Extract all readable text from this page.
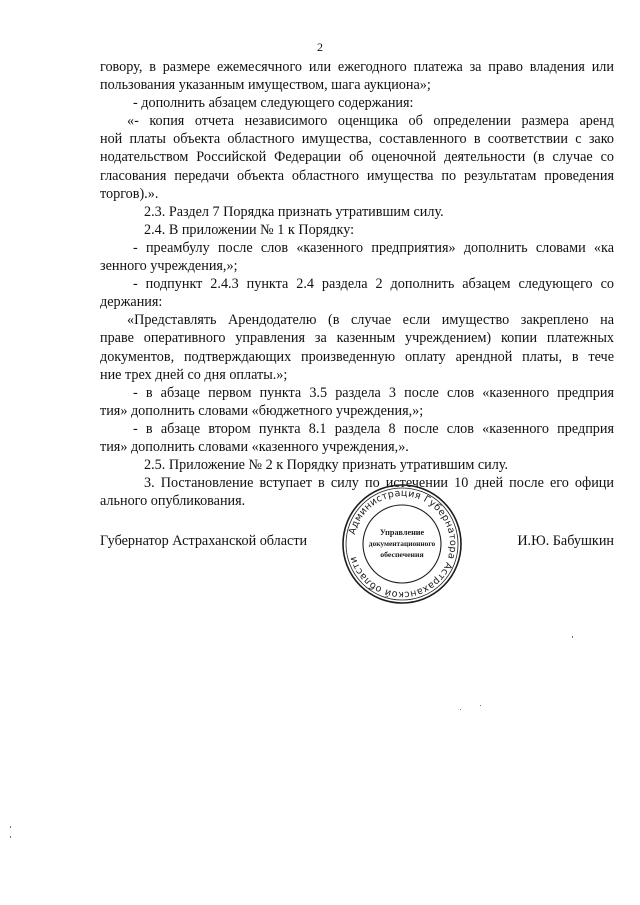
2
говору, в размере ежемесячного или ежегодного платежа за право владения или
пользования указанным имуществом, шага аукциона»;
- дополнить абзацем следующего содержания:
«- копия отчета независимого оценщика об определении размера аренд
ной платы объекта областного имущества, составленного в соответствии с зако
нодательством Российской Федерации об оценочной деятельности (в случае со
гласования передачи объекта областного имущества по результатам проведения
торгов).».
2.3. Раздел 7 Порядка признать утратившим силу.
2.4. В приложении № 1 к Порядку:
- преамбулу после слов «казенного предприятия» дополнить словами «ка
зенного учреждения,»;
- подпункт 2.4.3 пункта 2.4 раздела 2 дополнить абзацем следующего со
держания:
«Представлять Арендодателю (в случае если имущество закреплено на
праве оперативного управления за казенным учреждением) копии платежных
документов, подтверждающих произведенную оплату арендной платы, в тече
ние трех дней со дня оплаты.»;
- в абзаце первом пункта 3.5 раздела 3 после слов «казенного предприя
тия» дополнить словами «бюджетного учреждения,»;
- в абзаце втором пункта 8.1 раздела 8 после слов «казенного предприя
тия» дополнить словами «казенного учреждения,».
2.5. Приложение № 2 к Порядку признать утратившим силу.
3. Постановление вступает в силу по истечении 10 дней после его офици
ального опубликования.
Губернатор Астраханской области	И.Ю. Бабушкин
Администрация Губернатора Астраханской области
Управление
документационного
обеспечения
